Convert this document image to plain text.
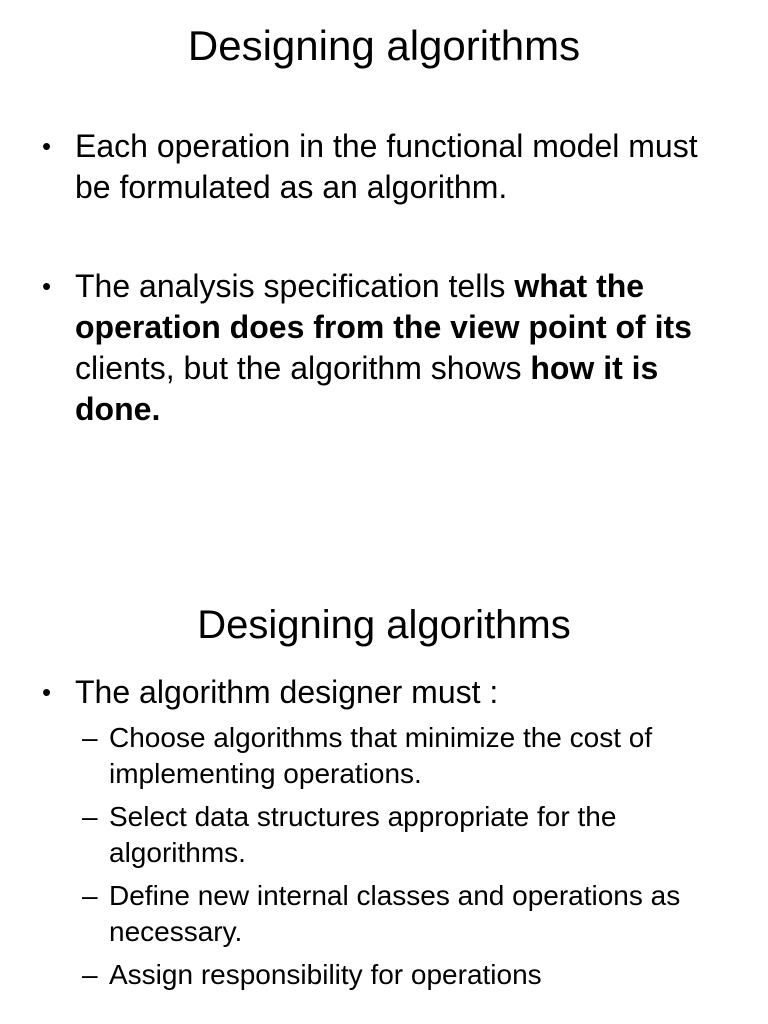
Designing algorithms
• Each operation in the functional model must be formulated as an algorithm.
• The analysis specification tells what the operation does from the view point of its clients, but the algorithm shows how it is done.
Designing algorithms
• The algorithm designer must :
– Choose algorithms that minimize the cost of implementing operations.
– Select data structures appropriate for the algorithms.
– Define new internal classes and operations as necessary.
– Assign responsibility for operations
